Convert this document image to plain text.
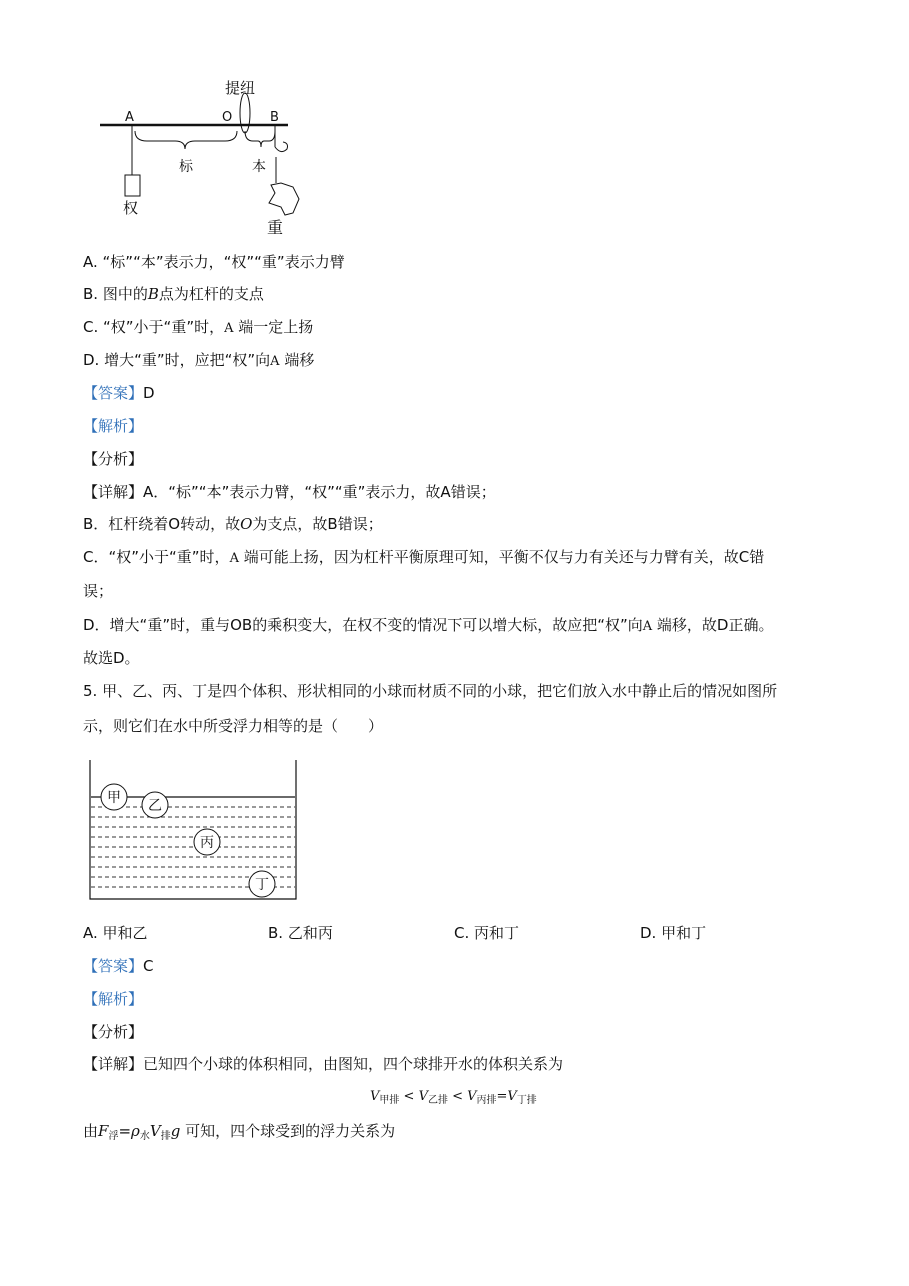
提纽
A	O	B
标	本
权
重
A. “标”“本”表示力，“权”“重”表示力臂
B. 图中的B点为杠杆的支点
C. “权”小于“重”时，A 端一定上扬
D. 增大“重”时，应把“权”向A 端移
【答案】D
【解析】
【分析】
【详解】A．“标”“本”表示力臂，“权”“重”表示力，故A错误；
B．杠杆绕着O转动，故O为支点，故B错误；
C．“权”小于“重”时，A 端可能上扬，因为杠杆平衡原理可知，平衡不仅与力有关还与力臂有关，故C错
误；
D．增大“重”时，重与OB的乘积变大，在权不变的情况下可以增大标，故应把“权”向A 端移，故D正确。
故选D。
5. 甲、乙、丙、丁是四个体积、形状相同的小球而材质不同的小球，把它们放入水中静止后的情况如图所
示，则它们在水中所受浮力相等的是（　　）
甲 乙
丙
丁
A. 甲和乙	B. 乙和丙	C. 丙和丁	D. 甲和丁
【答案】C
【解析】
【分析】
【详解】已知四个小球的体积相同，由图知，四个球排开水的体积关系为
$V_{甲排} < V_{乙排} < V_{丙排}=V_{丁排}$
由$F_浮=\rho_水V_排g$ 可知，四个球受到的浮力关系为
